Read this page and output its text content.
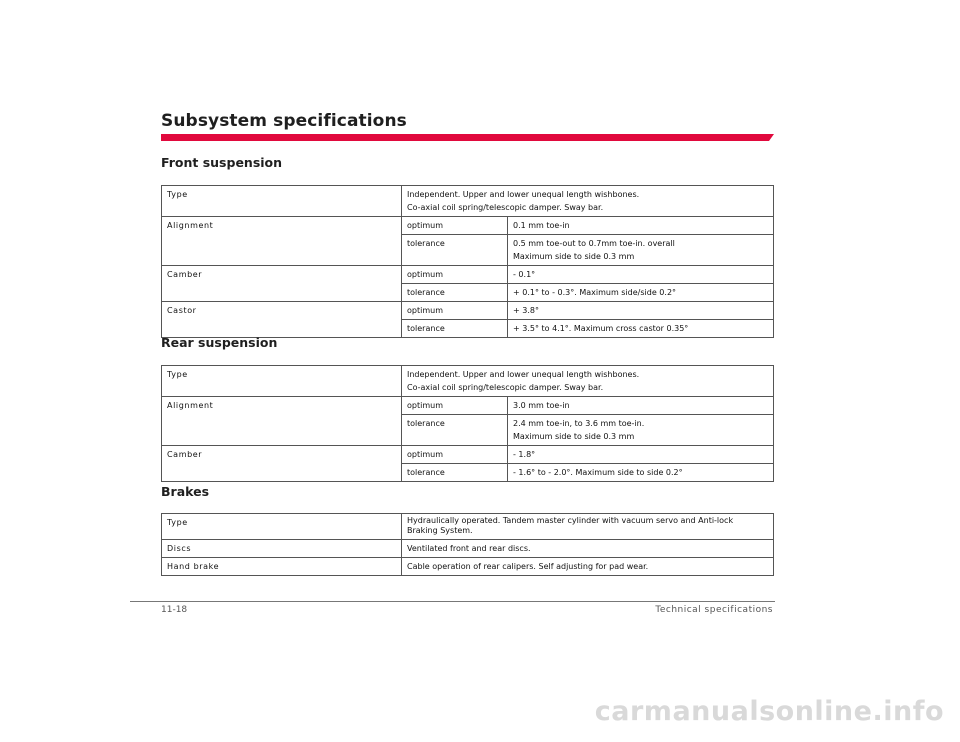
Subsystem specifications
Front suspension
Type	Independent. Upper and lower unequal length wishbones.
Co-axial coil spring/telescopic damper. Sway bar.	

Alignment	optimum	0.1 mm toe-in
	tolerance	0.5 mm toe-out to 0.7mm toe-in. overall
Maximum side to side 0.3 mm

Camber	optimum	- 0.1°
	tolerance	+ 0.1° to - 0.3°. Maximum side/side 0.2°
Castor	optimum	+ 3.8°
	tolerance	+ 3.5° to 4.1°. Maximum cross castor 0.35°
Rear suspension
Type	Independent. Upper and lower unequal length wishbones.
Co-axial coil spring/telescopic damper. Sway bar.	

Alignment	optimum	3.0 mm toe-in
	tolerance	2.4 mm toe-in, to 3.6 mm toe-in.
Maximum side to side 0.3 mm

Camber	optimum	- 1.8°
	tolerance	- 1.6° to - 2.0°. Maximum side to side 0.2°
Brakes
Type	Hydraulically operated. Tandem master cylinder with vacuum servo and Anti-lock
Braking System.

Discs	Ventilated front and rear discs.
Hand brake	Cable operation of rear calipers. Self adjusting for pad wear.
11-18	Technical specifications
carmanualsonline.info
